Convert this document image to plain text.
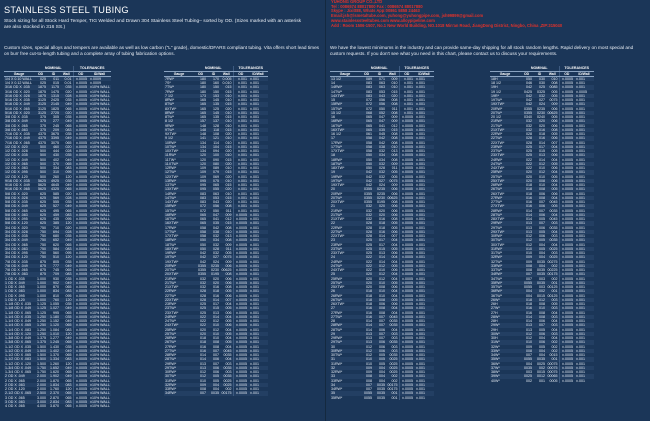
STAINLESS STEEL TUBING
Stock sizing for all Stock Hard Temper, TIG Welded and Drawn 304 Stainless Steel Tubing– sorted by OD. (Sizes marked with an asterisk are also stocked in 316 SS.)
Custom sizes, special alloys and tempers are available as well as low carbon ("L" grade), domestic/DFARS compliant tubing. Vita offers short lead times on burr free cut-to-length tubing and a complete array of tubing fabrication options.
	NOMINAL			TOLERANCES	
Gauge	OD	ID	Wall	OD	ID/Wall
1/4 X 0.10 WALL	025	011	0.01	±.0005	±.0009
1/4 X 0.12 WALL	025	015	0.01	±.0005	±.0009
3/16 OD X .035	1875	1175	035	±.0005	±10% WALL
3/16 OD X .020	1875	1475	020	±.0005	±10% WALL
3/16 OD X .028	1875	1315	028	±.0005	±10% WALL
5/16 OD X .035	3125	2425	035	±.0005	±10% WALL
5/16 OD X .049	3125	2145	049	±.0005	±10% WALL
5/16 OD X .065	3125	1825	065	±.0005	±10% WALL
5/16 OD X .020	3125	2725	020	±.0005	±10% WALL
3/8 OD X .035	375	305	035	±.0005	±10% WALL
3/8 OD X .049	375	277	049	±.0005	±10% WALL
3/8 OD X .065	375	245	065	±.0005	±10% WALL
3/8 OD X .083	375	209	083	±.0005	±10% WALL
7/16 OD X .035	4375	3675	035	±.0005	±10% WALL
7/16 OD X .049	4375	3395	049	±.0005	±10% WALL
7/16 OD X .065	4375	3075	065	±.0005	±10% WALL
1/2 OD X .020	500	460	020	±.0005	±10% WALL
1/2 OD X .028	500	444	028	±.0005	±10% WALL
1/2 OD X .035	500	430	035	±.0005	±10% WALL
1/2 OD X .049	500	402	049	±.0005	±10% WALL
1/2 OD X .065	500	370	065	±.0005	±10% WALL
1/2 OD X .083	500	334	083	±.0005	±10% WALL
1/2 OD X .095	500	310	095	±.0005	±10% WALL
1/2 OD X .120	500	260	120	±.0005	±10% WALL
9/16 OD X .035	5625	4925	035	±.0005	±10% WALL
9/16 OD X .049	5625	4645	049	±.0005	±10% WALL
9/16 OD X .065	5625	4325	065	±.0005	±10% WALL
5/8 OD X .020	625	585	020	±.0005	±10% WALL
5/8 OD X .028	625	569	028	±.0005	±10% WALL
5/8 OD X .035	625	555	035	±.0005	±10% WALL
5/8 OD X .049	625	527	049	±.0005	±10% WALL
5/8 OD X .065	625	495	065	±.0005	±10% WALL
5/8 OD X .083	625	459	083	±.0005	±10% WALL
5/8 OD X .095	625	435	095	±.0005	±10% WALL
5/8 OD X .120	625	385	120	±.0005	±10% WALL
3/4 OD X .020	750	710	020	±.0005	±10% WALL
3/4 OD X .028	750	694	028	±.0005	±10% WALL
3/4 OD X .035	750	680	035	±.0005	±10% WALL
3/4 OD X .049	750	652	049	±.0005	±10% WALL
3/4 OD X .065	750	620	065	±.0005	±10% WALL
3/4 OD X .083	750	584	083	±.0005	±10% WALL
3/4 OD X .095	750	560	095	±.0005	±10% WALL
3/4 OD X .120	750	510	120	±.0005	±10% WALL
7/8 OD X .035	875	805	035	±.0005	±10% WALL
7/8 OD X .049	875	777	049	±.0005	±10% WALL
7/8 OD X .065	875	745	065	±.0005	±10% WALL
7/8 OD X .083	875	709	083	±.0005	±10% WALL
1 OD X .035	1.000	930	035	±.0005	±10% WALL
1 OD X .049	1.000	902	049	±.0005	±10% WALL
1 OD X .065	1.000	870	065	±.0005	±10% WALL
1 OD X .083	1.000	834	083	±.0005	±10% WALL
1 OD X .095	1.000	810	095	±.0005	±10% WALL
1 OD X .120	1.000	760	120	±.0005	±10% WALL
1-1/8 OD X .035	1.125	1.055	035	±.0005	±10% WALL
1-1/8 OD X .049	1.125	1.027	049	±.0005	±10% WALL
1-1/8 OD X .065	1.125	995	065	±.0005	±10% WALL
1-1/4 OD X .035	1.250	1.180	035	±.0005	±10% WALL
1-1/4 OD X .049	1.250	1.152	049	±.0005	±10% WALL
1-1/4 OD X .065	1.250	1.120	065	±.0005	±10% WALL
1-1/4 OD X .083	1.250	1.084	083	±.0005	±10% WALL
1-1/4 OD X .120	1.250	1.010	120	±.0005	±10% WALL
1-3/8 OD X .049	1.375	1.277	049	±.0005	±10% WALL
1-3/8 OD X .065	1.375	1.245	065	±.0005	±10% WALL
1-1/2 OD X .035	1.500	1.430	035	±.0005	±10% WALL
1-1/2 OD X .049	1.500	1.402	049	±.0005	±10% WALL
1-1/2 OD X .065	1.500	1.370	065	±.0005	±10% WALL
1-1/2 OD X .083	1.500	1.334	083	±.0005	±10% WALL
1-1/2 OD X .120	1.500	1.260	120	±.0005	±10% WALL
1-3/4 OD X .049	1.750	1.652	049	±.0005	±10% WALL
1-3/4 OD X .065	1.750	1.620	065	±.0005	±10% WALL
2 OD X .049	2.000	1.902	049	±.0005	±10% WALL
2 OD X .065	2.000	1.870	065	±.0005	±10% WALL
2 OD X .083	2.000	1.834	083	±.0005	±10% WALL
2 OD X .120	2.000	1.760	120	±.0005	±10% WALL
2-1/2 OD X .065	2.500	2.370	065	±.0005	±10% WALL
3 OD X .065	3.000	2.870	065	±.0005	±10% WALL
3 OD X .083	3.000	2.834	083	±.0005	±10% WALL
4 OD X .065	4.000	3.870	065	±.0005	±10% WALL
	NOMINAL			TOLERANCES	
Gauge	OD	ID	Wall	OD	ID/Wall
7RW*	180	170	0.005	±.001	±.001
7S*	180	160	0.010	±.001	±.001
7TW*	180	150	015	±.001	±.001
7RW*	180	150	015	±.001	±.001
7 1/2	173	153	010	±.001	±.001
8RW*	165	145	010	±.001	±.001
8TW*	165	135	015	±.001	±.001
8XTW*	165	125	020	±.001	±.001
8RW*	165	145	010	±.001	±.001
8TW*	165	135	015	±.001	±.001
8 1/2	157	137	010	±.001	±.001
9RW*	148	128	010	±.001	±.001
9TW*	148	118	015	±.001	±.001
9XTW*	148	108	020	±.001	±.001
9 1/2	141	121	010	±.001	±.001
10RW*	134	114	010	±.001	±.001
10TW*	134	104	015	±.001	±.001
10XTW*	134	094	020	±.001	±.001
11RW*	120	100	010	±.001	±.001
11TW*	120	090	015	±.001	±.001
11XTW*	120	080	020	±.001	±.001
12RW*	109	089	010	±.001	±.001
12TW*	109	079	015	±.001	±.001
12XTW*	109	069	020	±.001	±.001
13RW*	095	075	010	±.001	±.001
13TW*	095	065	015	±.001	±.001
13XTW*	095	055	020	±.001	±.001
14RW*	083	063	010	±.001	±.001
14TW*	083	053	015	±.001	±.001
14XTW*	083	043	020	±.001	±.001
15RW*	072	056	008	±.001	±.001
15TW*	072	050	011	±.001	±.001
16RW*	065	047	009	±.0005	±.001
16TW*	065	041	012	±.0005	±.001
16XTW*	065	035	015	±.0005	±.001
17RW*	058	042	008	±.0005	±.001
17TW*	058	038	010	±.0005	±.001
17XTW*	058	032	013	±.0005	±.001
18RW*	050	034	008	±.0005	±.001
18TW*	050	032	009	±.0005	±.001
18XTW*	050	028	011	±.0005	±.001
19RW*	042	032	005	±.0005	±.001
19TW*	042	027	0075	±.0005	±.001
19XTW*	042	024	009	±.0005	±.001
20RW*	0355	0235	006	±.0005	±.001
20TW*	0355	0230	00625	±.0005	±.001
20XTW*	0355	0195	008	±.0005	±.001
21RW*	032	020	006	±.0005	±.001
21TW*	032	020	006	±.0005	±.001
21XTW*	032	016	008	±.0005	±.001
22RW*	028	018	005	±.0005	±.001
22TW*	028	016	006	±.0005	±.001
22XTW*	028	014	007	±.0005	±.001
23RW*	025	017	004	±.0005	±.001
23TW*	025	015	005	±.0005	±.001
23XTW*	025	013	006	±.0005	±.001
24RW*	022	014	004	±.0005	±.001
24TW*	022	012	005	±.0005	±.001
24XTW*	022	010	006	±.0005	±.001
25RW*	020	012	004	±.0005	±.001
25TW*	020	010	005	±.0005	±.001
26RW*	018	010	004	±.0005	±.001
26TW*	018	008	005	±.0005	±.001
27RW*	016	008	004	±.0005	±.001
27TW*	016	007	0045	±.0005	±.001
28RW*	014	007	0035	±.0005	±.001
28TW*	014	006	004	±.0005	±.001
29RW*	013	007	003	±.0005	±.001
29TW*	013	006	0035	±.0005	±.001
30RW*	012	006	003	±.0005	±.001
30TW*	012	005	0035	±.0005	±.001
31RW*	010	005	0025	±.0005	±.001
32RW*	009	004	0025	±.0005	±.001
33RW*	008	004	002	±.0005	±.001
34RW*	007	0035	00175	±.0005	±.001
YUHONG GROUP CO.,LTD
Tel : 0086574 88017800 Fax : 0086574 88017880
Skype : Jixitt88, Whats App:00861 5858 24463
Email:jsh@lsmetaltube.com, yuhong@yuhongpipe.com, jsh99899@gmail.com
www.stainlesssteeltubes.com www.alloypipeline.com
Add : Room 1506-1507, No.1 New World Building, NO.1018 Min'an Road, JiangDong District, Ningbo, China ,ZIP:315040
We have the lowest minimums in the industry and can provide same-day shipping for all stock random lengths. Rapid delivery on most special and custom requests. If you don't see what you need in this chart, please contact us to discuss your requirements.
	NOMINAL			TOLERANCES	
Gauge	OD	ID	Wall	OD	ID/Wall
13 1/2	089	071	009	±.001	±.001
14	083	063	010	±.001	±.001
14RW*	083	063	010	±.001	±.001
14TW*	083	053	015	±.001	±.001
14XTW*	083	043	020	±.001	±.001
15	072	056	008	±.001	±.001
15RW*	072	056	008	±.001	±.001
15TW*	072	050	011	±.001	±.001
15 1/2	068	052	008	±.001	±.001
16	065	047	009	±.0005	±.001
16RW*	065	047	009	±.0005	±.001
16TW*	065	041	012	±.0005	±.001
16XTW*	065	035	015	±.0005	±.001
16 1/2	061	045	008	±.0005	±.001
17	058	042	008	±.0005	±.001
17RW*	058	042	008	±.0005	±.001
17TW*	058	038	010	±.0005	±.001
17XTW*	058	032	013	±.0005	±.001
18	050	034	008	±.0005	±.001
18RW*	050	034	008	±.0005	±.001
18TW*	050	032	009	±.0005	±.001
18XTW*	050	028	011	±.0005	±.001
19	042	032	005	±.0005	±.001
19RW*	042	032	005	±.0005	±.001
19TW*	042	027	0075	±.0005	±.001
19XTW*	042	024	009	±.0005	±.001
20	0355	0235	006	±.0005	±.001
20RW*	0355	0235	006	±.0005	±.001
20TW*	0355	0230	00625	±.0005	±.001
20XTW*	0355	0195	008	±.0005	±.001
21	032	020	006	±.0005	±.001
21RW*	032	020	006	±.0005	±.001
21TW*	032	020	006	±.0005	±.001
21XTW*	032	016	008	±.0005	±.001
22	028	018	005	±.0005	±.001
22RW*	028	018	005	±.0005	±.001
22TW*	028	016	006	±.0005	±.001
22XTW*	028	014	007	±.0005	±.001
23	025	017	004	±.0005	±.001
23RW*	025	017	004	±.0005	±.001
23TW*	025	015	005	±.0005	±.001
23XTW*	025	013	006	±.0005	±.001
24	022	014	004	±.0005	±.001
24RW*	022	014	004	±.0005	±.001
24TW*	022	012	005	±.0005	±.001
24XTW*	022	010	006	±.0005	±.001
25	020	012	004	±.0005	±.001
25RW*	020	012	004	±.0005	±.001
25TW*	020	010	005	±.0005	±.001
25XTW*	020	008	006	±.0005	±.001
26	018	010	004	±.0005	±.001
26RW*	018	010	004	±.0005	±.001
26TW*	018	008	005	±.0005	±.001
26XTW*	018	006	006	±.0005	±.001
27	016	008	004	±.0005	±.001
27RW*	016	008	004	±.0005	±.001
27TW*	016	007	0045	±.0005	±.001
28	014	007	0035	±.0005	±.001
28RW*	014	007	0035	±.0005	±.001
28TW*	014	006	004	±.0005	±.001
29	013	007	003	±.0005	±.001
29RW*	013	007	003	±.0005	±.001
29TW*	013	006	0035	±.0005	±.001
30	012	006	003	±.0005	±.001
30RW*	012	006	003	±.0005	±.001
30TW*	012	005	0035	±.0005	±.001
31	010	005	0025	±.0005	±.001
31RW*	010	005	0025	±.0005	±.001
32	009	004	0025	±.0005	±.001
32RW*	009	004	0025	±.0005	±.001
33	008	004	002	±.0005	±.001
33RW*	008	004	002	±.0005	±.001
34	007	0035	00175	±.0005	±.001
34RW*	007	0035	00175	±.0005	±.001
35	0055	0035	001	±.0005	±.001
35RW*	0055	0035	001	±.0005	±.001
	NOMINAL			TOLERANCES	
Gauge	OD	ID	Wall	OD	ID/Wall
18H	050	030	010	±.0005	±.001
18 1/2	046	030	008	±.0005	±.001
19H	042	025	0085	±.0005	±.001
19 1/2	0425	0325	005	±.0005	±.0005
19R*	042	032	005	±.0005	±.001
19TW*	042	027	0075	±.0005	±.001
19XTW*	042	024	009	±.0005	±.001
20RW*	0355	0235	006	±.0005	±.001
20TW*	0355	0230	00625	±.0005	±.001
20 1/2	0340	0240	005	±.0005	±.001
21RW*	032	020	006	±.0005	±.001
21TW*	032	020	006	±.0005	±.001
21XTW*	032	016	008	±.0005	±.001
22RW*	028	018	005	±.0005	±.001
22TW*	028	016	006	±.0005	±.001
22XTW*	028	014	007	±.0005	±.001
23RW*	025	017	004	±.0005	±.001
23TW*	025	015	005	±.0005	±.001
23XTW*	025	013	006	±.0005	±.001
24RW*	022	014	004	±.0005	±.001
24TW*	022	012	005	±.0005	±.001
24XTW*	022	010	006	±.0005	±.001
25RW*	020	012	004	±.0005	±.001
25TW*	020	010	005	±.0005	±.001
25XTW*	020	008	006	±.0005	±.001
26RW*	018	010	004	±.0005	±.001
26TW*	018	008	005	±.0005	±.001
26XTW*	018	006	006	±.0005	±.001
27RW*	016	008	004	±.0005	±.001
27TW*	016	007	0045	±.0005	±.001
27XTW*	016	006	005	±.0005	±.001
28RW*	014	007	0035	±.0005	±.001
28TW*	014	006	004	±.0005	±.001
28XTW*	014	005	0045	±.0005	±.001
29RW*	013	007	003	±.0005	±.001
29TW*	013	006	0035	±.0005	±.001
29XTW*	013	005	004	±.0005	±.001
30RW*	012	006	003	±.0005	±.001
30TW*	012	005	0035	±.0005	±.001
30XTW*	012	004	004	±.0005	±.001
31RW*	010	005	0025	±.0005	±.001
31TW*	010	004	003	±.0005	±.001
32RW*	009	004	0025	±.0005	±.001
32TW*	009	0035	00275	±.0005	±.001
33RW*	008	004	002	±.0005	±.001
33TW*	008	0035	00225	±.0005	±.001
34RW*	007	0035	00175	±.0005	±.001
34TW*	007	003	002	±.0005	±.001
35RW*	0055	0035	001	±.0005	±.001
35TW*	0055	003	00125	±.0005	±.001
36RW*	004	002	001	±.0005	±.001
36TW*	004	0015	00125	±.0005	±.001
26W*	018	012	003	±.0005	±.001
26H	018	008	005	±.0005	±.001
27W*	016	010	003	±.0005	±.001
27H	016	008	004	±.0005	±.001
28W*	014	008	003	±.0005	±.001
28H	014	006	004	±.0005	±.001
29W*	013	007	003	±.0005	±.001
29H	013	005	004	±.0005	±.001
30W*	012	006	003	±.0005	±.001
30H	012	004	004	±.0005	±.001
31W*	010	006	002	±.0005	±.001
32W*	009	005	002	±.0005	±.001
33W*	008	004	002	±.0005	±.001
34W*	007	004	0015	±.0005	±.001
35W*	0055	0035	001	±.0005	±.001
36W*	004	0025	00075	±.0005	±.001
37W*	0035	002	00075	±.0005	±.001
38W*	003	0015	00075	±.0005	±.001
39W*	0025	0012	00065	±.0005	±.001
40W*	002	001	0005	±.0005	±.001
